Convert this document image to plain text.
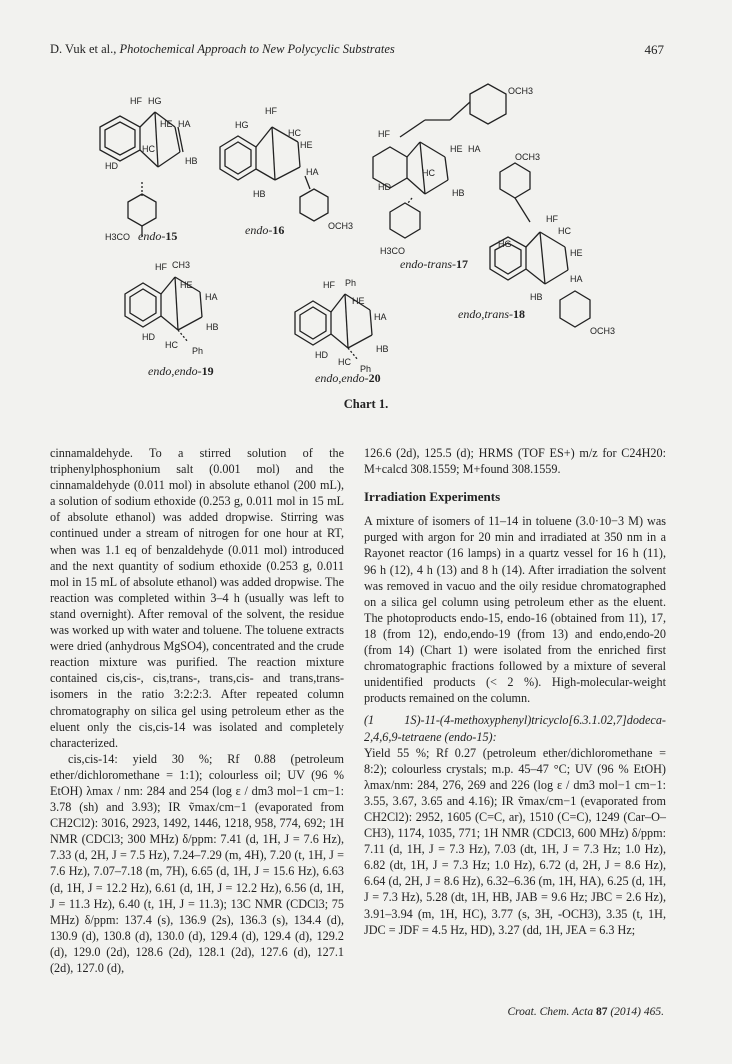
D. Vuk et al., Photochemical Approach to New Polycyclic Substrates	467
HF HG
HE HA
HC
HB
HD
H3CO
HF
HG
HC
HE
HA
HB
OCH3
HF
HE HA
HC
HB
HD
H3CO
OCH3
OCH3
HF
HC
HG
HE
HA
HB
OCH3
HF CH3
HE
HA
HB
HD
HC
Ph
HF Ph
HE
HA
HB
HD
HC
Ph
endo-15	endo-16
endo-trans-17
endo,trans-18
endo,endo-19	endo,endo-20
Chart 1.

cinnamaldehyde. To a stirred solution of the triphenylphosphonium salt (0.001 mol) and the cinnamaldehyde (0.011 mol) in absolute ethanol (200 mL), a solution of sodium ethoxide (0.253 g, 0.011 mol in 15 mL of absolute ethanol) was added dropwise. Stirring was continued under a stream of nitrogen for one hour at RT, when was 1.1 eq of benzaldehyde (0.011 mol) introduced and the next quantity of sodium ethoxide (0.253 g, 0.011 mol in 15 mL of absolute ethanol) was added dropwise. The reaction was completed within 3–4 h (usually was left to stand overnight). After removal of the solvent, the residue was worked up with water and toluene. The toluene extracts were dried (anhydrous MgSO4), concentrated and the crude reaction mixture was purified. The reaction mixture contained cis,cis-, cis,trans-, trans,cis- and trans,trans-isomers in the ratio 3:2:2:3. After repeated column chromatography on silica gel using petroleum ether as the eluent only the cis,cis-14 was isolated and completely characterized.

cis,cis-14: yield 30 %; Rf 0.88 (petroleum ether/dichloromethane = 1:1); colourless oil; UV (96 % EtOH) λmax / nm: 284 and 254 (log ε / dm3 mol−1 cm−1: 3.78 (sh) and 3.93); IR ṽmax/cm−1 (evaporated from CH2Cl2): 3016, 2923, 1492, 1446, 1218, 958, 774, 692; 1H NMR (CDCl3; 300 MHz) δ/ppm: 7.41 (d, 1H, J = 7.6 Hz), 7.33 (d, 2H, J = 7.5 Hz), 7.24–7.29 (m, 4H), 7.20 (t, 1H, J = 7.6 Hz), 7.07–7.18 (m, 7H), 6.65 (d, 1H, J = 15.6 Hz), 6.63 (d, 1H, J = 12.2 Hz), 6.61 (d, 1H, J = 12.2 Hz), 6.56 (d, 1H, J = 11.3 Hz), 6.40 (t, 1H, J = 11.3); 13C NMR (CDCl3; 75 MHz) δ/ppm: 137.4 (s), 136.9 (2s), 136.3 (s), 134.4 (d), 130.9 (d), 130.8 (d), 130.0 (d), 129.4 (d), 129.4 (d), 129.2 (d), 129.0 (2d), 128.6 (2d), 128.1 (2d), 127.6 (d), 127.1 (2d), 127.0 (d),

126.6 (2d), 125.5 (d); HRMS (TOF ES+) m/z for C24H20: M+calcd 308.1559; M+found 308.1559.

Irradiation Experiments

A mixture of isomers of 11–14 in toluene (3.0·10−3 M) was purged with argon for 20 min and irradiated at 350 nm in a Rayonet reactor (16 lamps) in a quartz vessel for 16 h (11), 96 h (12), 4 h (13) and 8 h (14). After irradiation the solvent was removed in vacuo and the oily residue chromatographed on a silica gel column using petroleum ether as the eluent. The photoproducts endo-15, endo-16 (obtained from 11), 17, 18 (from 12), endo,endo-19 (from 13) and endo,endo-20 (from 14) (Chart 1) were isolated from the enriched first chromatographic fractions followed by a mixture of several unidentified products (< 2 %). High-molecular-weight products remained on the column.

(1 1S)-11-(4-methoxyphenyl)tricyclo[6.3.1.02,7]dodeca-2,4,6,9-tetraene (endo-15):

Yield 55 %; Rf 0.27 (petroleum ether/dichloromethane = 8:2); colourless crystals; m.p. 45–47 °C; UV (96 % EtOH) λmax/nm: 284, 276, 269 and 226 (log ε / dm3 mol−1 cm−1: 3.55, 3.67, 3.65 and 4.16); IR ṽmax/cm−1 (evaporated from CH2Cl2): 2952, 1605 (C=C, ar), 1510 (C=C), 1249 (Car–O–CH3), 1174, 1035, 771; 1H NMR (CDCl3, 600 MHz) δ/ppm: 7.11 (d, 1H, J = 7.3 Hz), 7.03 (dt, 1H, J = 7.3 Hz; 1.0 Hz), 6.82 (dt, 1H, J = 7.3 Hz; 1.0 Hz), 6.72 (d, 2H, J = 8.6 Hz), 6.64 (d, 2H, J = 8.6 Hz), 6.32–6.36 (m, 1H, HA), 6.25 (d, 1H, J = 7.3 Hz), 5.28 (dt, 1H, HB, JAB = 9.6 Hz; JBC = 2.6 Hz), 3.91–3.94 (m, 1H, HC), 3.77 (s, 3H, -OCH3), 3.35 (t, 1H, JDC = JDF = 4.5 Hz, HD), 3.27 (dd, 1H, JEA = 6.3 Hz;

Croat. Chem. Acta 87 (2014) 465.
